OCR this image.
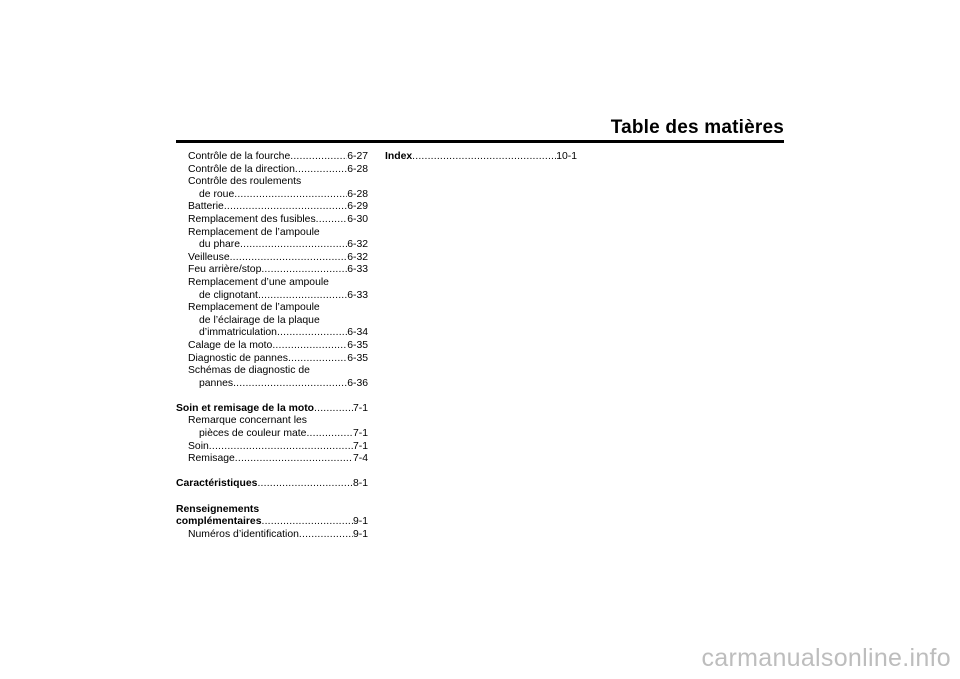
Table des matières
Contrôle de la fourche .....	6-27
Contrôle de la direction .....	6-28
Contrôle des roulements
de roue .....	6-28
Batterie .....	6-29
Remplacement des fusibles .....	6-30
Remplacement de l’ampoule
du phare .....	6-32
Veilleuse .....	6-32
Feu arrière/stop .....	6-33
Remplacement d’une ampoule
de clignotant .....	6-33
Remplacement de l’ampoule
de l’éclairage de la plaque
d’immatriculation .....	6-34
Calage de la moto .....	6-35
Diagnostic de pannes .....	6-35
Schémas de diagnostic de
pannes .....	6-36
Soin et remisage de la moto .....	7-1
Remarque concernant les
pièces de couleur mate .....	7-1
Soin .....	7-1
Remisage .....	7-4
Caractéristiques .....	8-1
Renseignements
complémentaires .....	9-1
Numéros d’identification .....	9-1
Index .....	10-1
carmanualsonline.info
